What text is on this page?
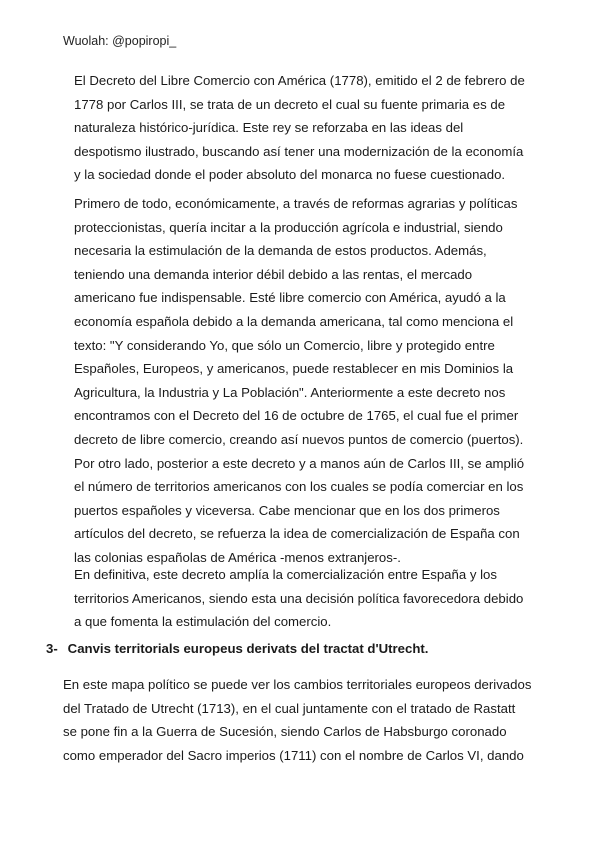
Wuolah: @popiropi_
El Decreto del Libre Comercio con América (1778), emitido el 2 de febrero de
1778 por Carlos III, se trata de un decreto el cual su fuente primaria es de
naturaleza histórico-jurídica. Este rey se reforzaba en las ideas del
despotismo ilustrado, buscando así tener una modernización de la economía
y la sociedad donde el poder absoluto del monarca no fuese cuestionado.
Primero de todo, económicamente, a través de reformas agrarias y políticas
proteccionistas, quería incitar a la producción agrícola e industrial, siendo
necesaria la estimulación de la demanda de estos productos. Además,
teniendo una demanda interior débil debido a las rentas, el mercado
americano fue indispensable. Esté libre comercio con América, ayudó a la
economía española debido a la demanda americana, tal como menciona el
texto: "Y considerando Yo, que sólo un Comercio, libre y protegido entre
Españoles, Europeos, y americanos, puede restablecer en mis Dominios la
Agricultura, la Industria y La Población". Anteriormente a este decreto nos
encontramos con el Decreto del 16 de octubre de 1765, el cual fue el primer
decreto de libre comercio, creando así nuevos puntos de comercio (puertos).
Por otro lado, posterior a este decreto y a manos aún de Carlos III, se amplió
el número de territorios americanos con los cuales se podía comerciar en los
puertos españoles y viceversa. Cabe mencionar que en los dos primeros
artículos del decreto, se refuerza la idea de comercialización de España con
las colonias españolas de América -menos extranjeros-.
En definitiva, este decreto amplía la comercialización entre España y los
territorios Americanos, siendo esta una decisión política favorecedora debido
a que fomenta la estimulación del comercio.
3- Canvis territorials europeus derivats del tractat d'Utrecht.
En este mapa político se puede ver los cambios territoriales europeos derivados
del Tratado de Utrecht (1713), en el cual juntamente con el tratado de Rastatt
se pone fin a la Guerra de Sucesión, siendo Carlos de Habsburgo coronado
como emperador del Sacro imperios (1711) con el nombre de Carlos VI, dando
